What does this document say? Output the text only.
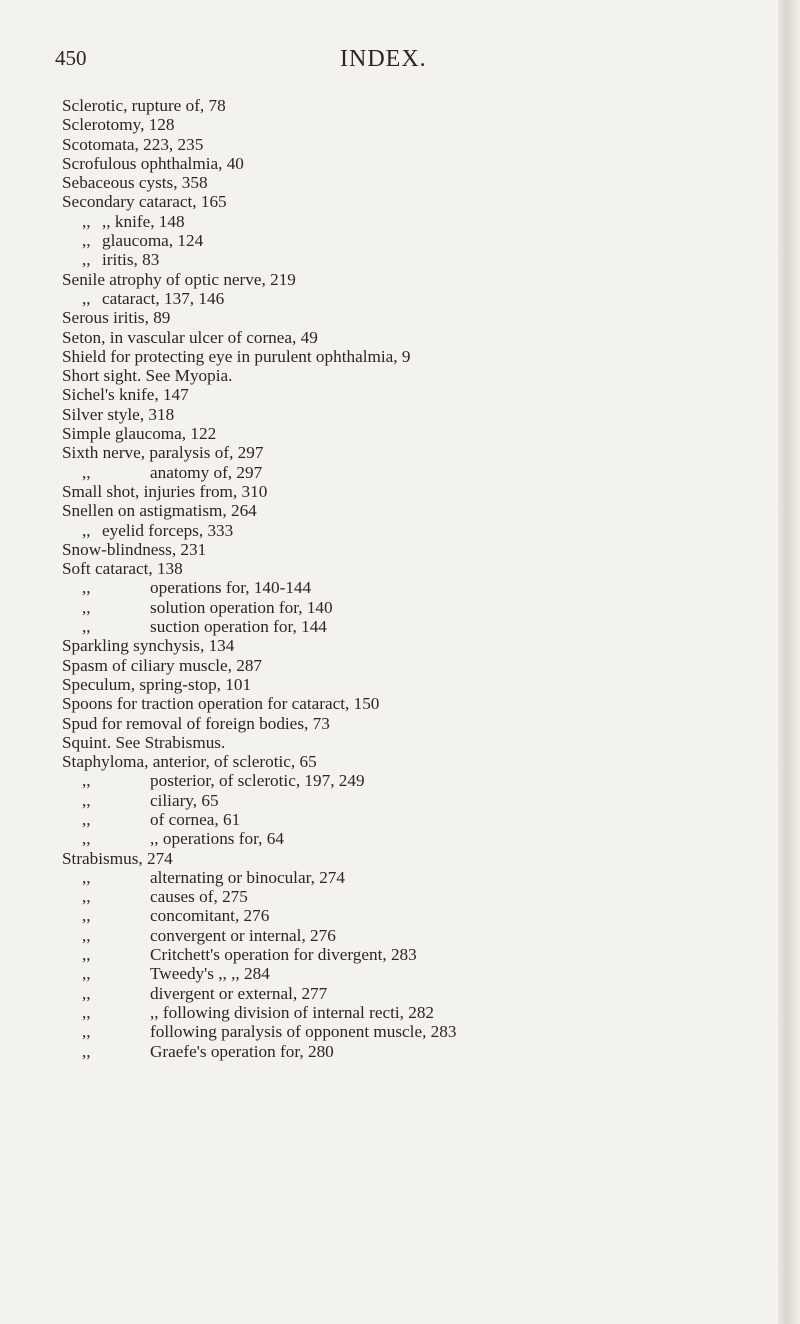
450	INDEX.
Sclerotic, rupture of, 78
Sclerotomy, 128
Scotomata, 223, 235
Scrofulous ophthalmia, 40
Sebaceous cysts, 358
Secondary cataract, 165
,, ,, knife, 148
,, glaucoma, 124
,, iritis, 83
Senile atrophy of optic nerve, 219
,, cataract, 137, 146
Serous iritis, 89
Seton, in vascular ulcer of cornea, 49
Shield for protecting eye in purulent ophthalmia, 9
Short sight. See Myopia.
Sichel's knife, 147
Silver style, 318
Simple glaucoma, 122
Sixth nerve, paralysis of, 297
,,	anatomy of, 297
Small shot, injuries from, 310
Snellen on astigmatism, 264
,, eyelid forceps, 333
Snow-blindness, 231
Soft cataract, 138
,,	operations for, 140-144
,,	solution operation for, 140
,,	suction operation for, 144
Sparkling synchysis, 134
Spasm of ciliary muscle, 287
Speculum, spring-stop, 101
Spoons for traction operation for cataract, 150
Spud for removal of foreign bodies, 73
Squint. See Strabismus.
Staphyloma, anterior, of sclerotic, 65
,,	posterior, of sclerotic, 197, 249
,,	ciliary, 65
,,	of cornea, 61
,,	,, operations for, 64
Strabismus, 274
,,	alternating or binocular, 274
,,	causes of, 275
,,	concomitant, 276
,,	convergent or internal, 276
,,	Critchett's operation for divergent, 283
,,	Tweedy's ,, ,, 284
,,	divergent or external, 277
,,	,, following division of internal recti, 282
,,	following paralysis of opponent muscle, 283
,,	Graefe's operation for, 280
